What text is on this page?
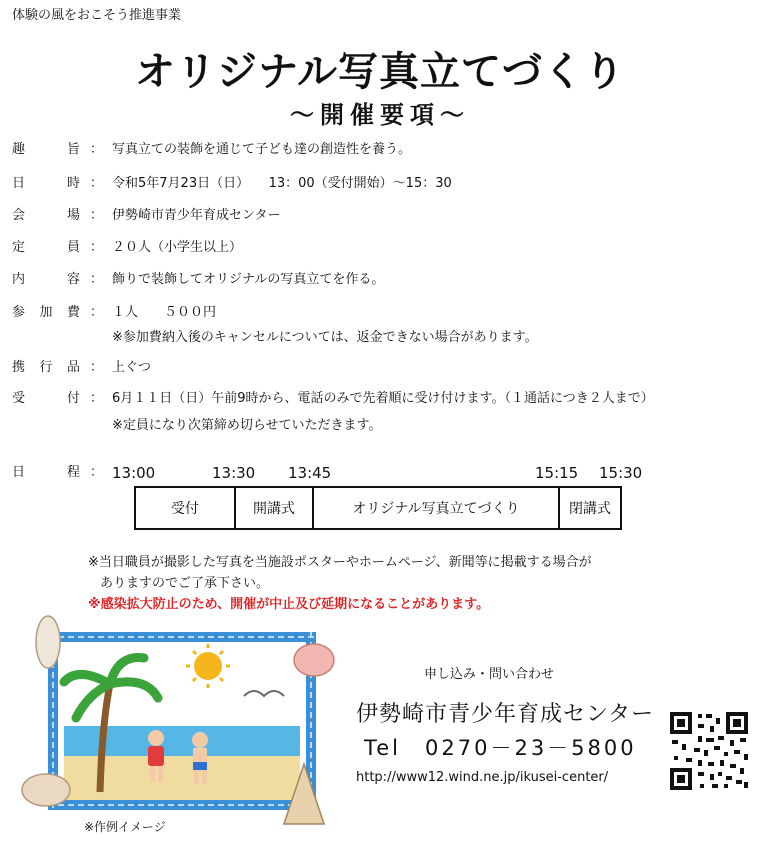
体験の風をおこそう推進事業
オリジナル写真立てづくり
～開催要項～
趣	旨 ： 写真立ての装飾を通じて子ども達の創造性を養う。
日	時 ： 令和5年7月23日（日）　　13：00（受付開始）～15：30
会	場 ： 伊勢崎市青少年育成センター
定	員 ： ２０人（小学生以上）
内	容 ： 飾りで装飾してオリジナルの写真立てを作る。
参 加 費 ： １人　　５００円
※参加費納入後のキャンセルについては、返金できない場合があります。
携 行 品 ： 上ぐつ
受	付 ： 6月１１日（日）午前9時から、電話のみで先着順に受け付けます。（１通話につき２人まで）
※定員になり次第締め切らせていただきます。
日	程 ： 13:00	13:30 13:45	15:15 15:30
受付	開講式	オリジナル写真立てづくり	閉講式
※当日職員が撮影した写真を当施設ポスターやホームページ、新聞等に掲載する場合が
ありますのでご了承下さい。
※感染拡大防止のため、開催が中止及び延期になることがあります。
※作例イメージ
申し込み・問い合わせ
伊勢崎市青少年育成センター
Tel　0270－23－5800
http://www12.wind.ne.jp/ikusei-center/
